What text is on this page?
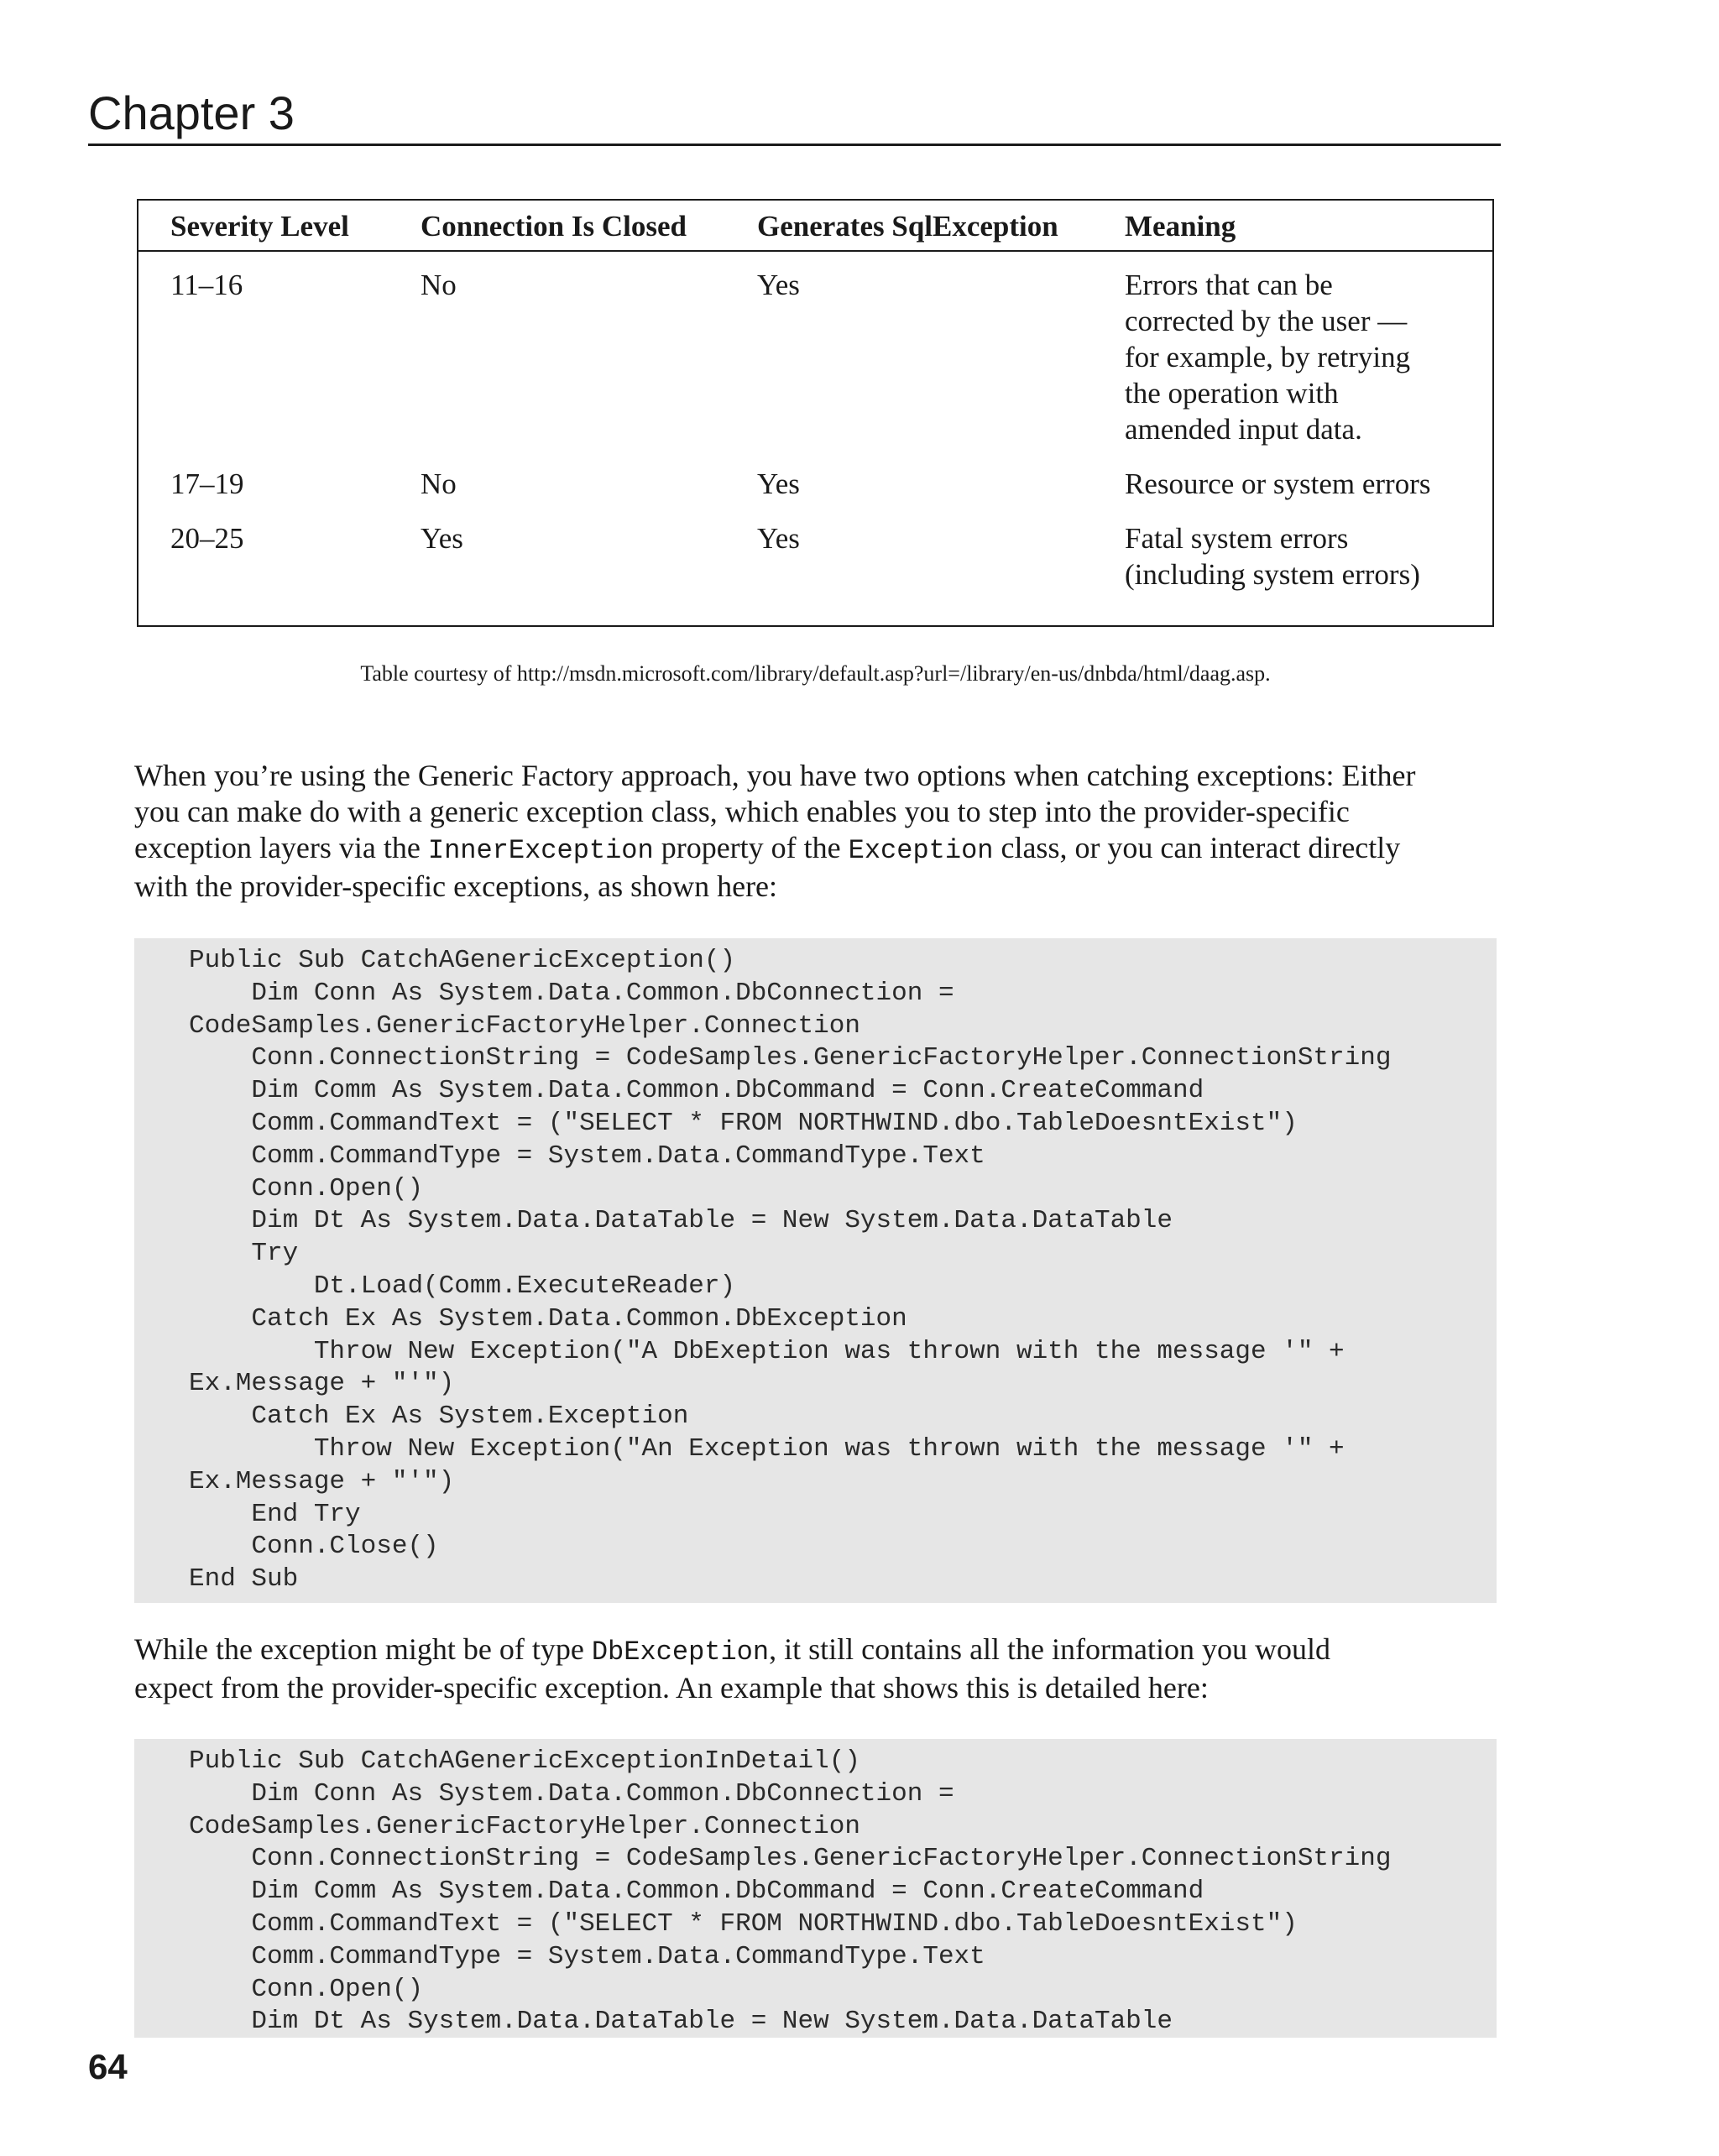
Chapter 3
Severity Level	Connection Is Closed	Generates SqlException	Meaning
11–16	No	Yes	Errors that can be
corrected by the user —
for example, by retrying
the operation with
amended input data.

17–19	No	Yes	Resource or system errors

20–25	Yes	Yes	Fatal system errors
(including system errors)
Table courtesy of http://msdn.microsoft.com/library/default.asp?url=/library/en-us/dnbda/html/daag.asp.
When you’re using the Generic Factory approach, you have two options when catching exceptions: Either
you can make do with a generic exception class, which enables you to step into the provider-specific
exception layers via the InnerException property of the Exception class, or you can interact directly
with the provider-specific exceptions, as shown here:
Public Sub CatchAGenericException()
Dim Conn As System.Data.Common.DbConnection =
CodeSamples.GenericFactoryHelper.Connection
Conn.ConnectionString = CodeSamples.GenericFactoryHelper.ConnectionString
Dim Comm As System.Data.Common.DbCommand = Conn.CreateCommand
Comm.CommandText = ("SELECT * FROM NORTHWIND.dbo.TableDoesntExist")
Comm.CommandType = System.Data.CommandType.Text
Conn.Open()
Dim Dt As System.Data.DataTable = New System.Data.DataTable
Try
Dt.Load(Comm.ExecuteReader)
Catch Ex As System.Data.Common.DbException
Throw New Exception("A DbExeption was thrown with the message '" +
Ex.Message + "'")
Catch Ex As System.Exception
Throw New Exception("An Exception was thrown with the message '" +
Ex.Message + "'")
End Try
Conn.Close()
End Sub
While the exception might be of type DbException, it still contains all the information you would
expect from the provider-specific exception. An example that shows this is detailed here:
Public Sub CatchAGenericExceptionInDetail()
Dim Conn As System.Data.Common.DbConnection =
CodeSamples.GenericFactoryHelper.Connection
Conn.ConnectionString = CodeSamples.GenericFactoryHelper.ConnectionString
Dim Comm As System.Data.Common.DbCommand = Conn.CreateCommand
Comm.CommandText = ("SELECT * FROM NORTHWIND.dbo.TableDoesntExist")
Comm.CommandType = System.Data.CommandType.Text
Conn.Open()
Dim Dt As System.Data.DataTable = New System.Data.DataTable
64
